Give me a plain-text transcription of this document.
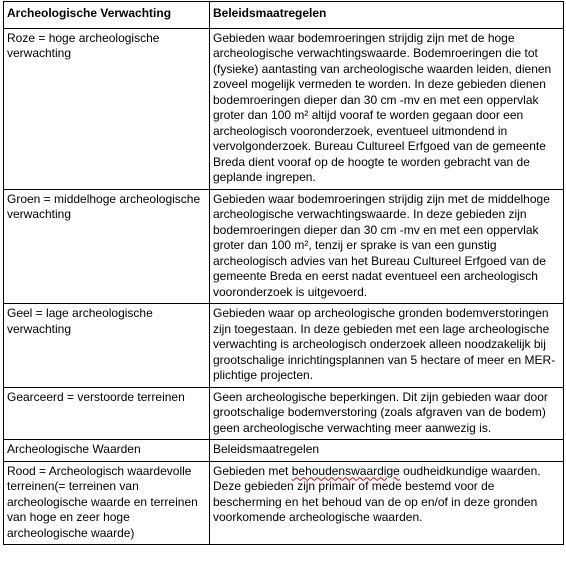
Archeologische Verwachting	Beleidsmaatregelen
Roze = hoge archeologische verwachting	Gebieden waar bodemroeringen strijdig zijn met de hoge archeologische verwachtingswaarde. Bodemroeringen die tot (fysieke) aantasting van archeologische waarden leiden, dienen zoveel mogelijk vermeden te worden. In deze gebieden dienen bodemroeringen dieper dan 30 cm -mv en met een oppervlak groter dan 100 m² altijd vooraf te worden gegaan door een archeologisch vooronderzoek, eventueel uitmondend in vervolgonderzoek. Bureau Cultureel Erfgoed van de gemeente Breda dient vooraf op de hoogte te worden gebracht van de geplande ingrepen.
Groen = middelhoge archeologische verwachting	Gebieden waar bodemroeringen strijdig zijn met de middelhoge archeologische verwachtingswaarde. In deze gebieden zijn bodemroeringen dieper dan 30 cm -mv en met een oppervlak groter dan 100 m², tenzij er sprake is van een gunstig archeologisch advies van het Bureau Cultureel Erfgoed van de gemeente Breda en eerst nadat eventueel een archeologisch vooronderzoek is uitgevoerd.
Geel = lage archeologische verwachting	Gebieden waar op archeologische gronden bodemverstoringen zijn toegestaan. In deze gebieden met een lage archeologische verwachting is archeologisch onderzoek alleen noodzakelijk bij grootschalige inrichtingsplannen van 5 hectare of meer en MER-plichtige projecten.
Gearceerd = verstoorde terreinen	Geen archeologische beperkingen. Dit zijn gebieden waar door grootschalige bodemverstoring (zoals afgraven van de bodem) geen archeologische verwachting meer aanwezig is.
Archeologische Waarden	Beleidsmaatregelen
Rood = Archeologisch waardevolle terreinen(= terreinen van archeologische waarde en terreinen van hoge en zeer hoge archeologische waarde)	Gebieden met behoudenswaardige oudheidkundige waarden. Deze gebieden zijn primair of mede bestemd voor de bescherming en het behoud van de op en/of in deze gronden voorkomende archeologische waarden.
